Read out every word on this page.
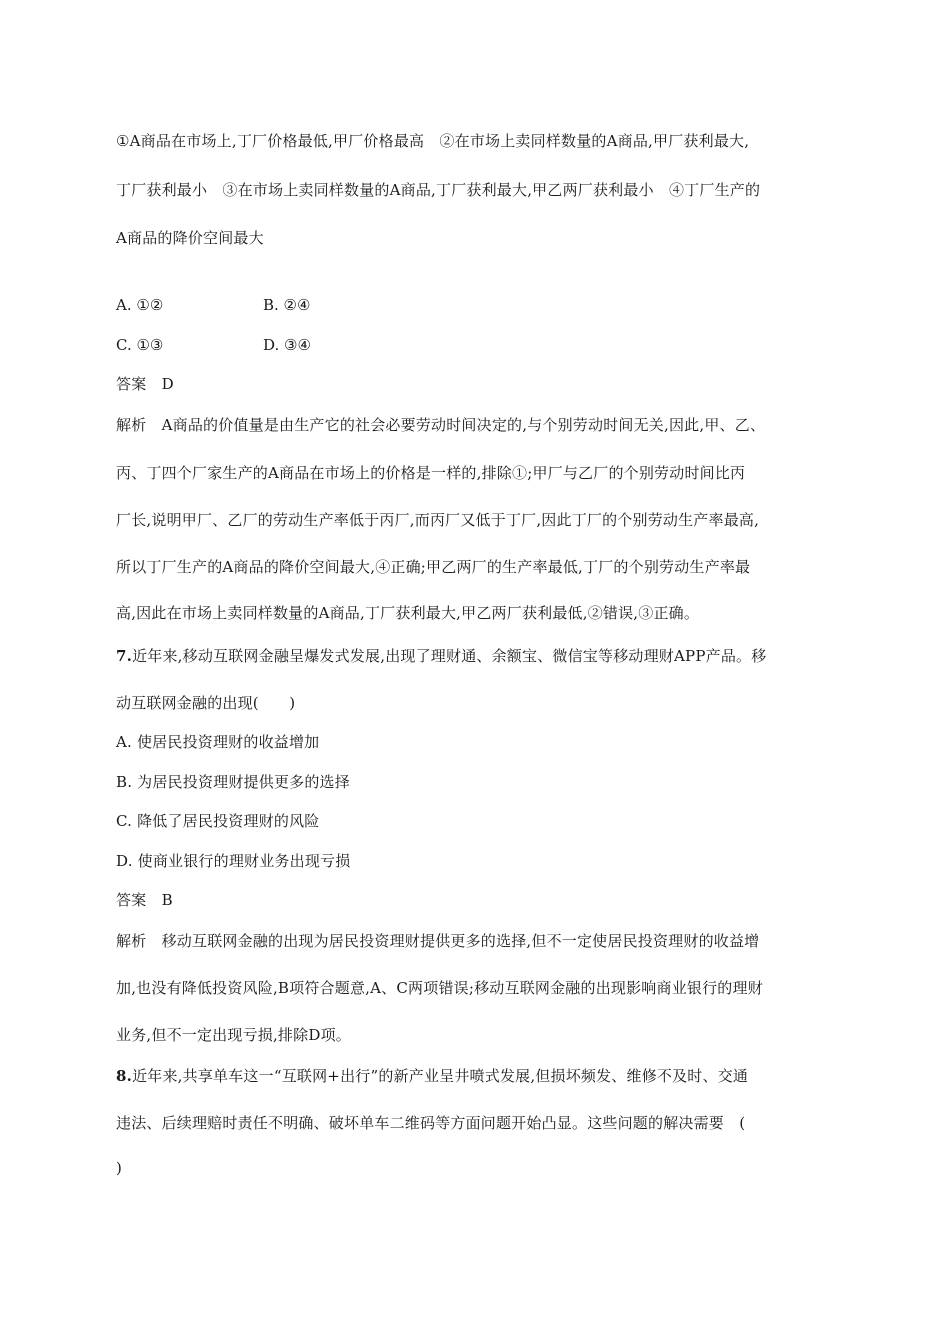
①A商品在市场上,丁厂价格最低,甲厂价格最高　②在市场上卖同样数量的A商品,甲厂获利最大,
丁厂获利最小　③在市场上卖同样数量的A商品,丁厂获利最大,甲乙两厂获利最小　④丁厂生产的
A商品的降价空间最大
A. ①②	B. ②④
C. ①③	D. ③④
答案　D
解析　A商品的价值量是由生产它的社会必要劳动时间决定的,与个别劳动时间无关,因此,甲、乙、
丙、丁四个厂家生产的A商品在市场上的价格是一样的,排除①;甲厂与乙厂的个别劳动时间比丙
厂长,说明甲厂、乙厂的劳动生产率低于丙厂,而丙厂又低于丁厂,因此丁厂的个别劳动生产率最高,
所以丁厂生产的A商品的降价空间最大,④正确;甲乙两厂的生产率最低,丁厂的个别劳动生产率最
高,因此在市场上卖同样数量的A商品,丁厂获利最大,甲乙两厂获利最低,②错误,③正确。
7.近年来,移动互联网金融呈爆发式发展,出现了理财通、余额宝、微信宝等移动理财APP产品。移
动互联网金融的出现(　　)
A. 使居民投资理财的收益增加
B. 为居民投资理财提供更多的选择
C. 降低了居民投资理财的风险
D. 使商业银行的理财业务出现亏损
答案　B
解析　移动互联网金融的出现为居民投资理财提供更多的选择,但不一定使居民投资理财的收益增
加,也没有降低投资风险,B项符合题意,A、C两项错误;移动互联网金融的出现影响商业银行的理财
业务,但不一定出现亏损,排除D项。
8.近年来,共享单车这一“互联网+出行”的新产业呈井喷式发展,但损坏频发、维修不及时、交通
违法、后续理赔时责任不明确、破坏单车二维码等方面问题开始凸显。这些问题的解决需要　(
)
